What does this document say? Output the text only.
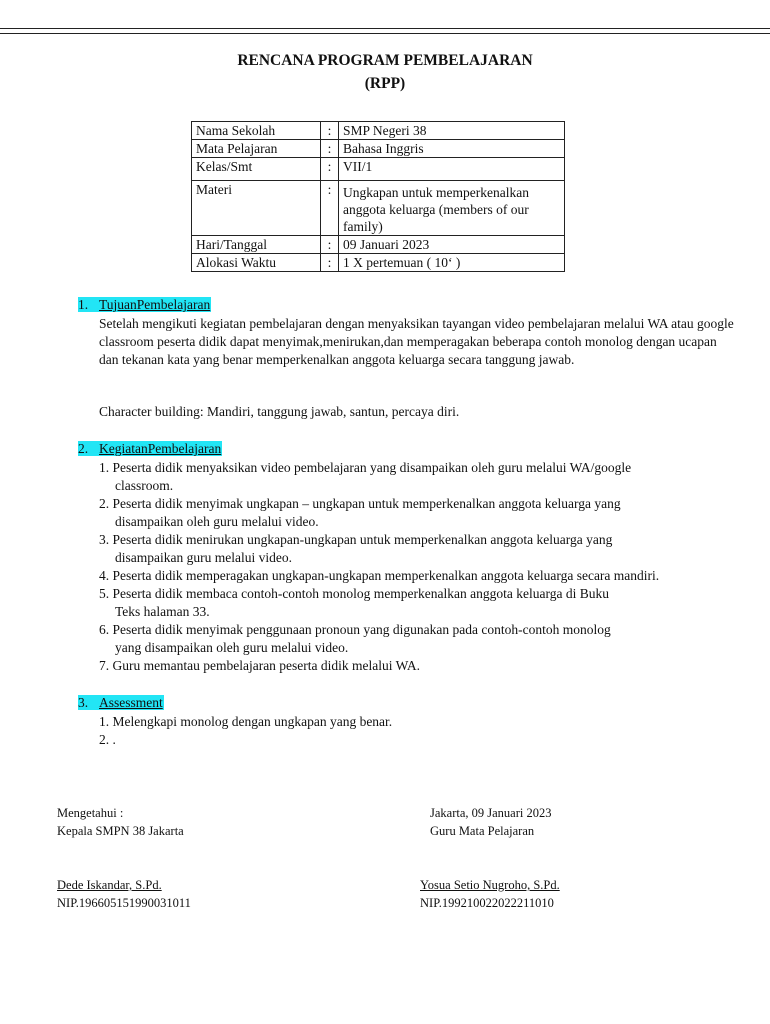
RENCANA PROGRAM PEMBELAJARAN
(RPP)
Nama Sekolah	:	SMP Negeri 38
Mata Pelajaran	:	Bahasa Inggris
Kelas/Smt	:	VII/1
Materi	:	Ungkapan untuk memperkenalkan anggota keluarga (members of our family)
Hari/Tanggal	:	09 Januari 2023
Alokasi Waktu	:	1 X pertemuan ( 10‘ )
1. TujuanPembelajaran
Setelah mengikuti kegiatan pembelajaran dengan menyaksikan tayangan video pembelajaran melalui WA atau google classroom peserta didik dapat menyimak,menirukan,dan memperagakan beberapa contoh monolog dengan ucapan dan tekanan kata yang benar memperkenalkan anggota keluarga secara tanggung jawab.
Character building: Mandiri, tanggung jawab, santun, percaya diri.
2. KegiatanPembelajaran
1. Peserta didik menyaksikan video pembelajaran yang disampaikan oleh guru melalui WA/google
classroom.
2. Peserta didik menyimak ungkapan – ungkapan untuk memperkenalkan anggota keluarga yang
disampaikan oleh guru melalui video.
3. Peserta didik menirukan ungkapan-ungkapan untuk memperkenalkan anggota keluarga yang
disampaikan guru melalui video.
4. Peserta didik memperagakan ungkapan-ungkapan memperkenalkan anggota keluarga secara mandiri.
5. Peserta didik membaca contoh-contoh monolog memperkenalkan anggota keluarga di Buku
Teks halaman 33.
6. Peserta didik menyimak penggunaan pronoun yang digunakan pada contoh-contoh monolog
yang disampaikan oleh guru melalui video.
7. Guru memantau pembelajaran peserta didik melalui WA.
3. Assessment
1. Melengkapi monolog dengan ungkapan yang benar.
2. .
Mengetahui :
Kepala SMPN 38 Jakarta
Dede Iskandar, S.Pd.
NIP.196605151990031011
Jakarta, 09 Januari 2023
Guru Mata Pelajaran
Yosua Setio Nugroho, S.Pd.
NIP.199210022022211010
